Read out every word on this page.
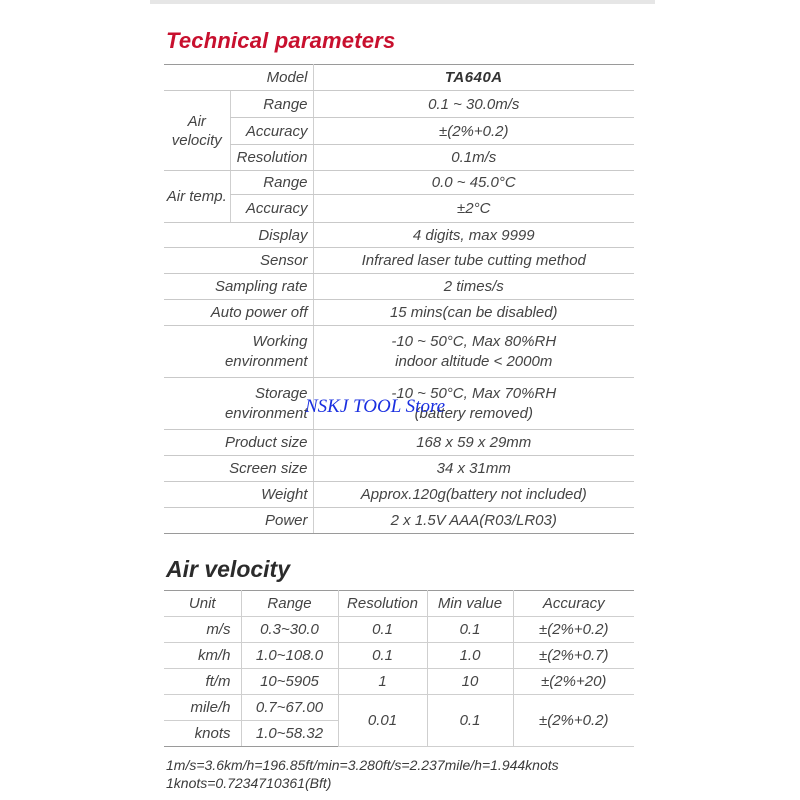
Technical parameters
Model		TA640A
Air
velocity	Range	0.1 ~ 30.0m/s
	Accuracy	±(2%+0.2)
	Resolution	0.1m/s
Air temp.	Range	0.0 ~ 45.0°C
	Accuracy	±2°C
Display		4 digits, max 9999
Sensor		Infrared laser tube cutting method
Sampling rate		2 times/s
Auto power off		15 mins(can be disabled)
Working
environment		-10 ~ 50°C, Max 80%RH
indoor altitude < 2000m
Storage
environment		-10 ~ 50°C, Max 70%RH
(battery removed)
Product size		168 x 59 x 29mm
Screen size		34 x 31mm
Weight		Approx.120g(battery not included)
Power		2 x 1.5V AAA(R03/LR03)
Air velocity
Unit	Range	Resolution	Min value	Accuracy
m/s	0.3~30.0	0.1	0.1	±(2%+0.2)
km/h	1.0~108.0	0.1	1.0	±(2%+0.7)
ft/m	10~5905	1	10	±(2%+20)
mile/h	0.7~67.00	0.01	0.1	±(2%+0.2)
knots	1.0~58.32			

1m/s=3.6km/h=196.85ft/min=3.280ft/s=2.237mile/h=1.944knots

1knots=0.7234710361(Bft)

NSKJ TOOL Store
